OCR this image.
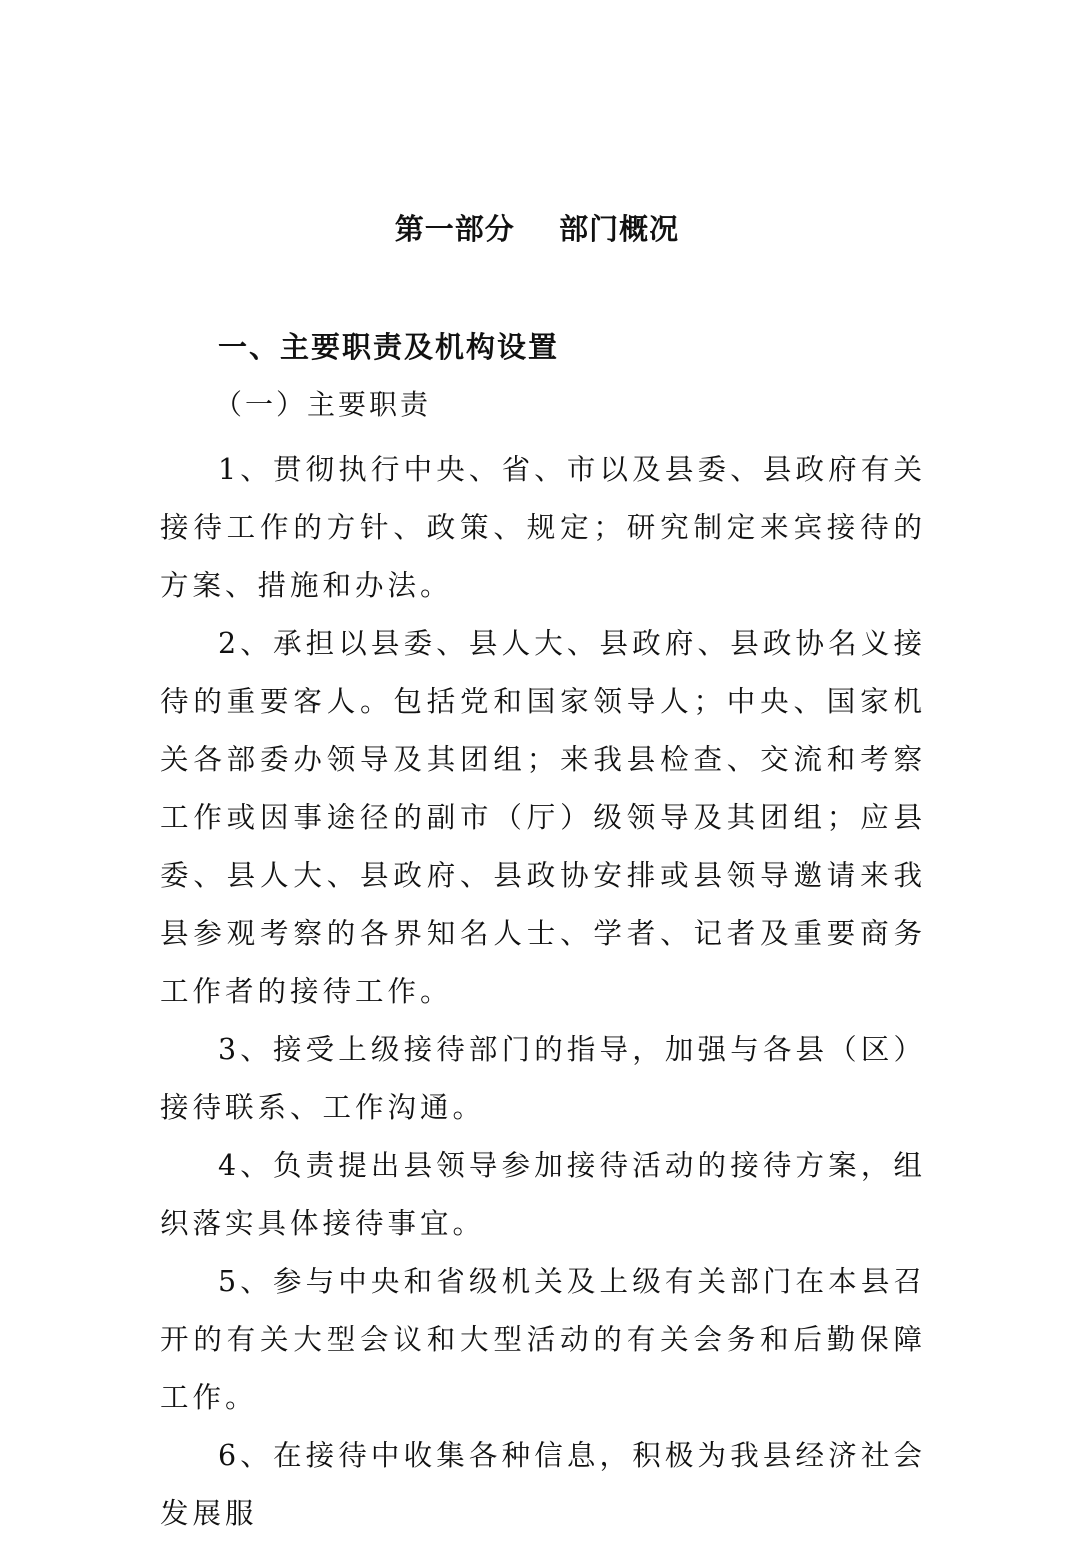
第一部分    部门概况
一、主要职责及机构设置
（一）主要职责

1、贯彻执行中央、省、市以及县委、县政府有关接待工作的方针、政策、规定；研究制定来宾接待的方案、措施和办法。

2、承担以县委、县人大、县政府、县政协名义接待的重要客人。包括党和国家领导人；中央、国家机关各部委办领导及其团组；来我县检查、交流和考察工作或因事途径的副市（厅）级领导及其团组；应县委、县人大、县政府、县政协安排或县领导邀请来我县参观考察的各界知名人士、学者、记者及重要商务工作者的接待工作。

3、接受上级接待部门的指导，加强与各县（区）接待联系、工作沟通。

4、负责提出县领导参加接待活动的接待方案，组织落实具体接待事宜。

5、参与中央和省级机关及上级有关部门在本县召开的有关大型会议和大型活动的有关会务和后勤保障工作。

6、在接待中收集各种信息，积极为我县经济社会发展服
